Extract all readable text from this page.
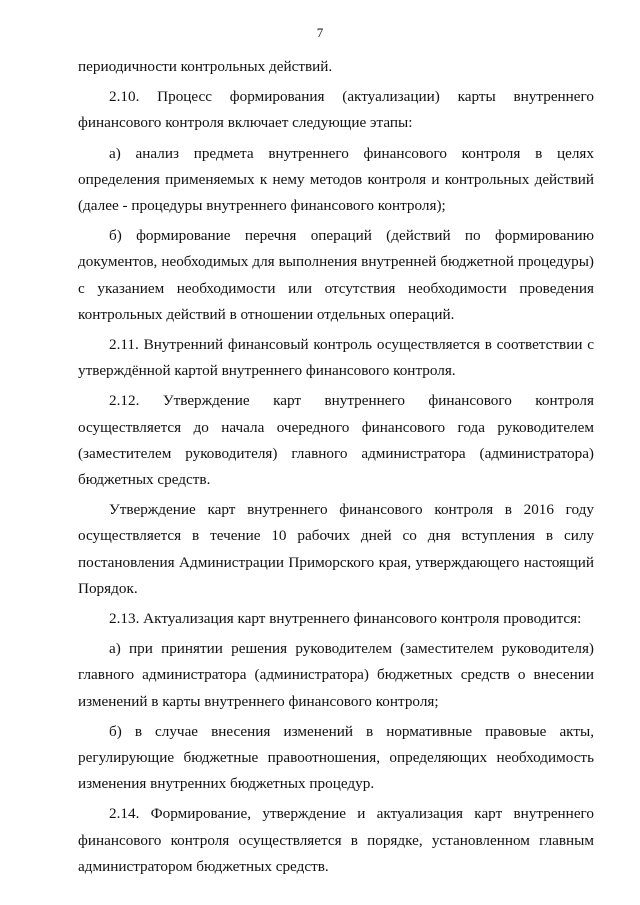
7

периодичности контрольных действий.

2.10. Процесс формирования (актуализации) карты внутреннего финансового контроля включает следующие этапы:

а) анализ предмета внутреннего финансового контроля в целях определения применяемых к нему методов контроля и контрольных действий (далее - процедуры внутреннего финансового контроля);

б) формирование перечня операций (действий по формированию документов, необходимых для выполнения внутренней бюджетной процедуры) с указанием необходимости или отсутствия необходимости проведения контрольных действий в отношении отдельных операций.

2.11. Внутренний финансовый контроль осуществляется в соответствии с утверждённой картой внутреннего финансового контроля.

2.12. Утверждение карт внутреннего финансового контроля осуществляется до начала очередного финансового года руководителем (заместителем руководителя) главного администратора (администратора) бюджетных средств.

Утверждение карт внутреннего финансового контроля в 2016 году осуществляется в течение 10 рабочих дней со дня вступления в силу постановления Администрации Приморского края, утверждающего настоящий Порядок.

2.13. Актуализация карт внутреннего финансового контроля проводится:

а) при принятии решения руководителем (заместителем руководителя) главного администратора (администратора) бюджетных средств о внесении изменений в карты внутреннего финансового контроля;

б) в случае внесения изменений в нормативные правовые акты, регулирующие бюджетные правоотношения, определяющих необходимость изменения внутренних бюджетных процедур.

2.14. Формирование, утверждение и актуализация карт внутреннего финансового контроля осуществляется в порядке, установленном главным администратором бюджетных средств.
